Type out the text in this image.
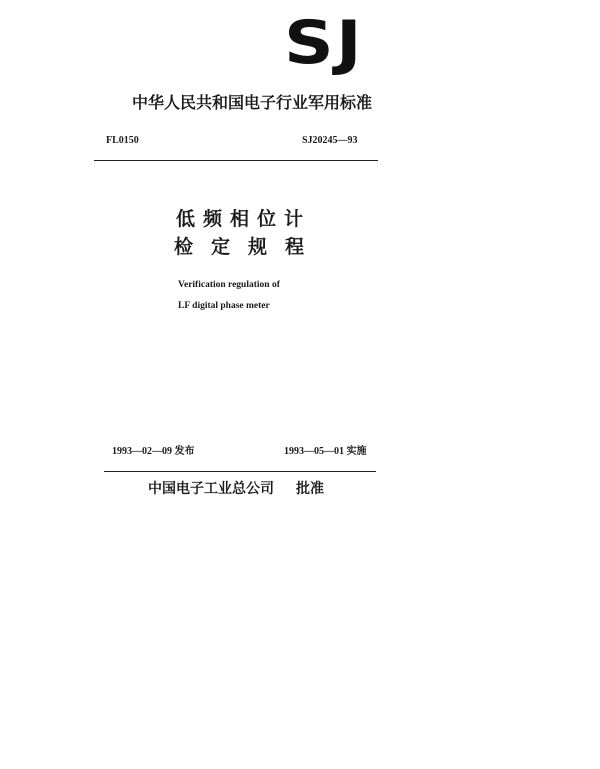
SJ
中华人民共和国电子行业军用标准
FL0150	SJ20245—93
低频相位计
检定规程
Verification regulation of
LF digital phase meter
1993—02—09 发布	1993—05—01 实施
中国电子工业总公司 批准
